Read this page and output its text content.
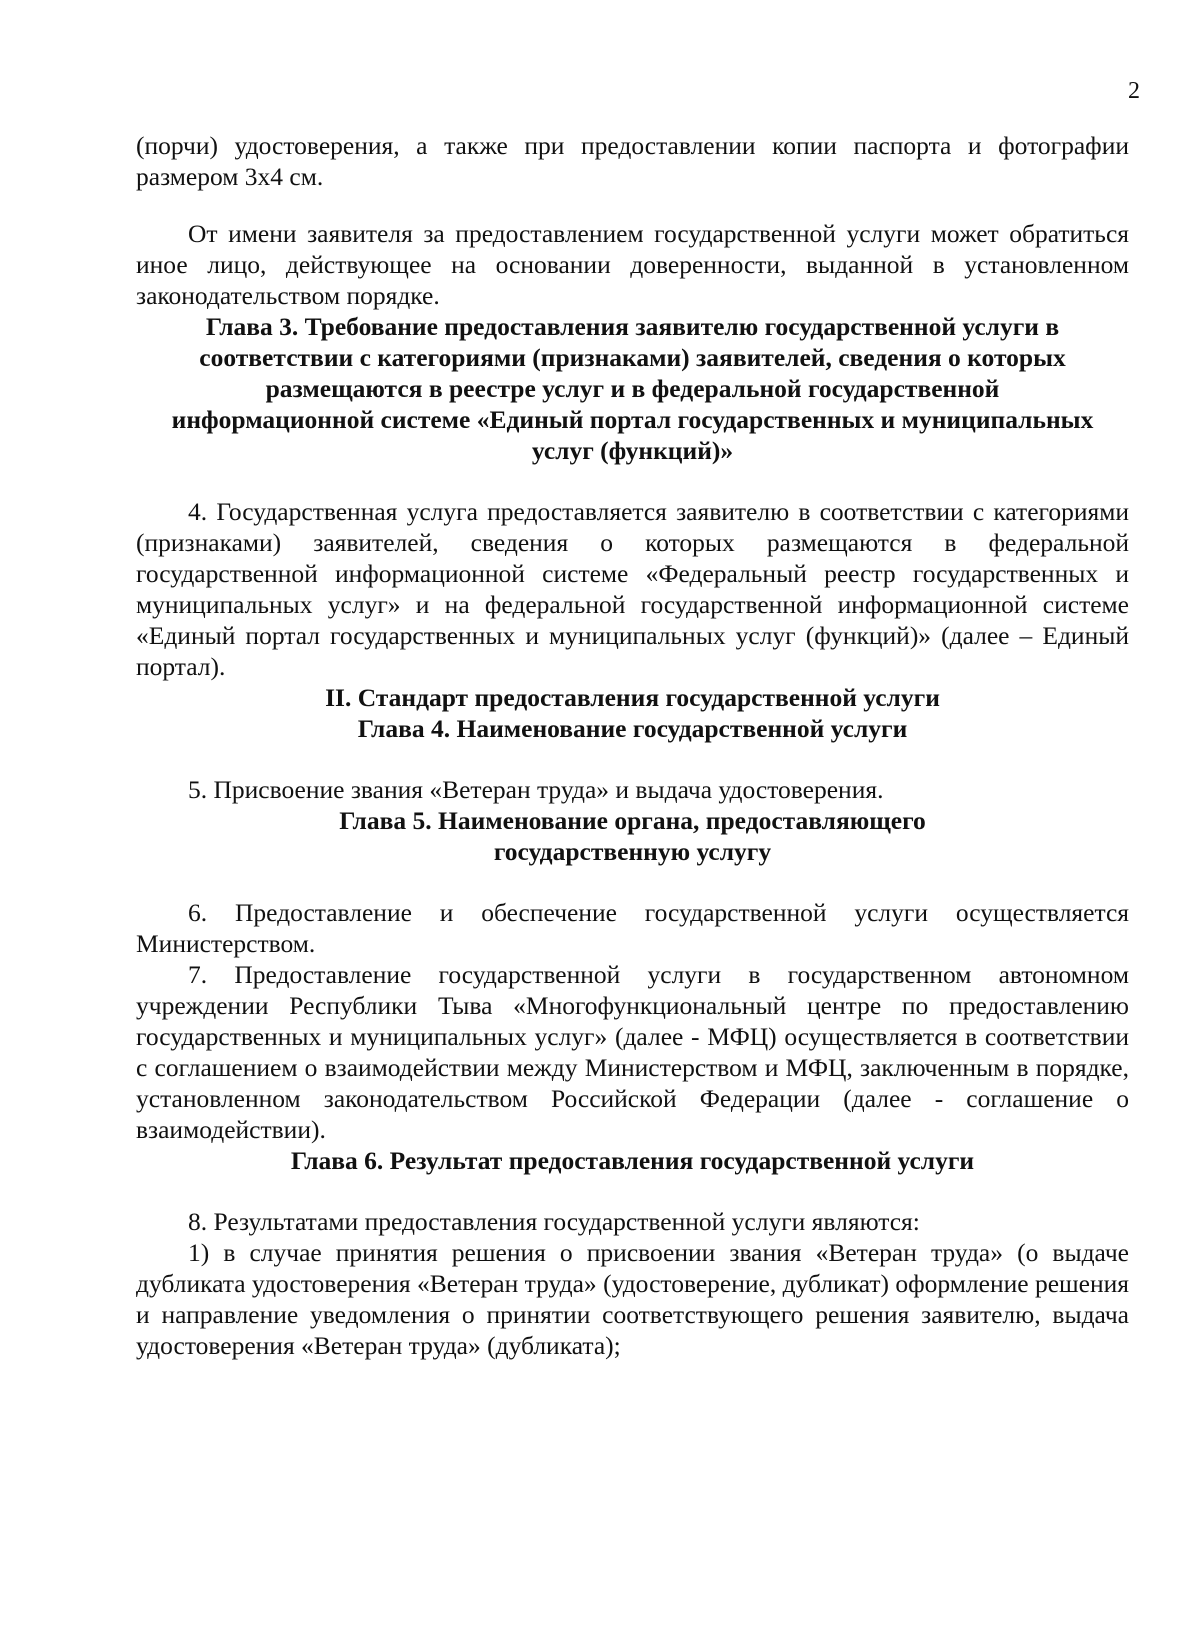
2

(порчи) удостоверения, а также при предоставлении копии паспорта и фотографии размером 3х4 см.

От имени заявителя за предоставлением государственной услуги может обратиться иное лицо, действующее на основании доверенности, выданной в установленном законодательством порядке.

Глава 3. Требование предоставления заявителю государственной услуги в
соответствии с категориями (признаками) заявителей, сведения о которых
размещаются в реестре услуг и в федеральной государственной
информационной системе «Единый портал государственных и муниципальных
услуг (функций)»

4. Государственная услуга предоставляется заявителю в соответствии с категориями (признаками) заявителей, сведения о которых размещаются в федеральной государственной информационной системе «Федеральный реестр государственных и муниципальных услуг» и на федеральной государственной информационной системе «Единый портал государственных и муниципальных услуг (функций)» (далее – Единый портал).

II. Стандарт предоставления государственной услуги
Глава 4. Наименование государственной услуги

5. Присвоение звания «Ветеран труда» и выдача удостоверения.

Глава 5. Наименование органа, предоставляющего
государственную услугу

6. Предоставление и обеспечение государственной услуги осуществляется Министерством.

7. Предоставление государственной услуги в государственном автономном учреждении Республики Тыва «Многофункциональный центре по предоставлению государственных и муниципальных услуг» (далее - МФЦ) осуществляется в соответствии с соглашением о взаимодействии между Министерством и МФЦ, заключенным в порядке, установленном законодательством Российской Федерации (далее - соглашение о взаимодействии).

Глава 6. Результат предоставления государственной услуги

8. Результатами предоставления государственной услуги являются:

1) в случае принятия решения о присвоении звания «Ветеран труда» (о выдаче дубликата удостоверения «Ветеран труда» (удостоверение, дубликат) оформление решения и направление уведомления о принятии соответствующего решения заявителю, выдача удостоверения «Ветеран труда» (дубликата);
